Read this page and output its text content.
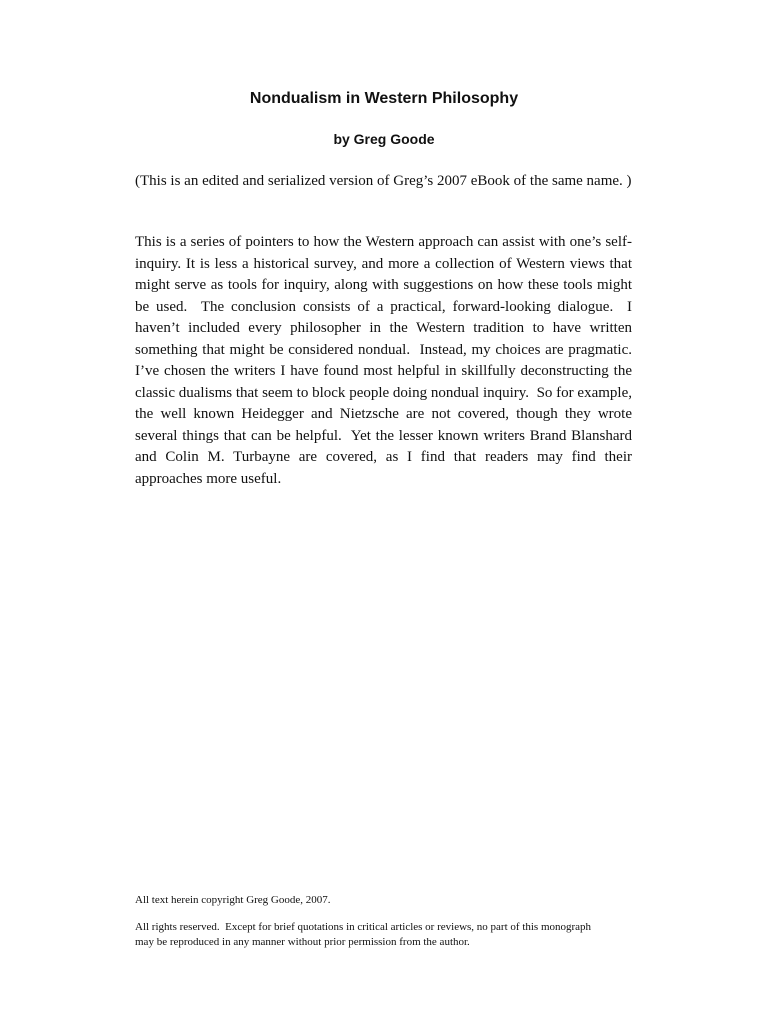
Nondualism in Western Philosophy

by Greg Goode

(This is an edited and serialized version of Greg’s 2007 eBook of the same name. )

This is a series of pointers to how the Western approach can assist with one’s self-inquiry. It is less a historical survey, and more a collection of Western views that might serve as tools for inquiry, along with suggestions on how these tools might be used.  The conclusion consists of a practical, forward-looking dialogue.  I haven’t included every philosopher in the Western tradition to have written something that might be considered nondual.  Instead, my choices are pragmatic.  I’ve chosen the writers I have found most helpful in skillfully deconstructing the classic dualisms that seem to block people doing nondual inquiry.  So for example, the well known Heidegger and Nietzsche are not covered, though they wrote several things that can be helpful.  Yet the lesser known writers Brand Blanshard and Colin M. Turbayne are covered, as I find that readers may find their approaches more useful.

All text herein copyright Greg Goode, 2007.

All rights reserved.  Except for brief quotations in critical articles or reviews, no part of this monograph may be reproduced in any manner without prior permission from the author.
